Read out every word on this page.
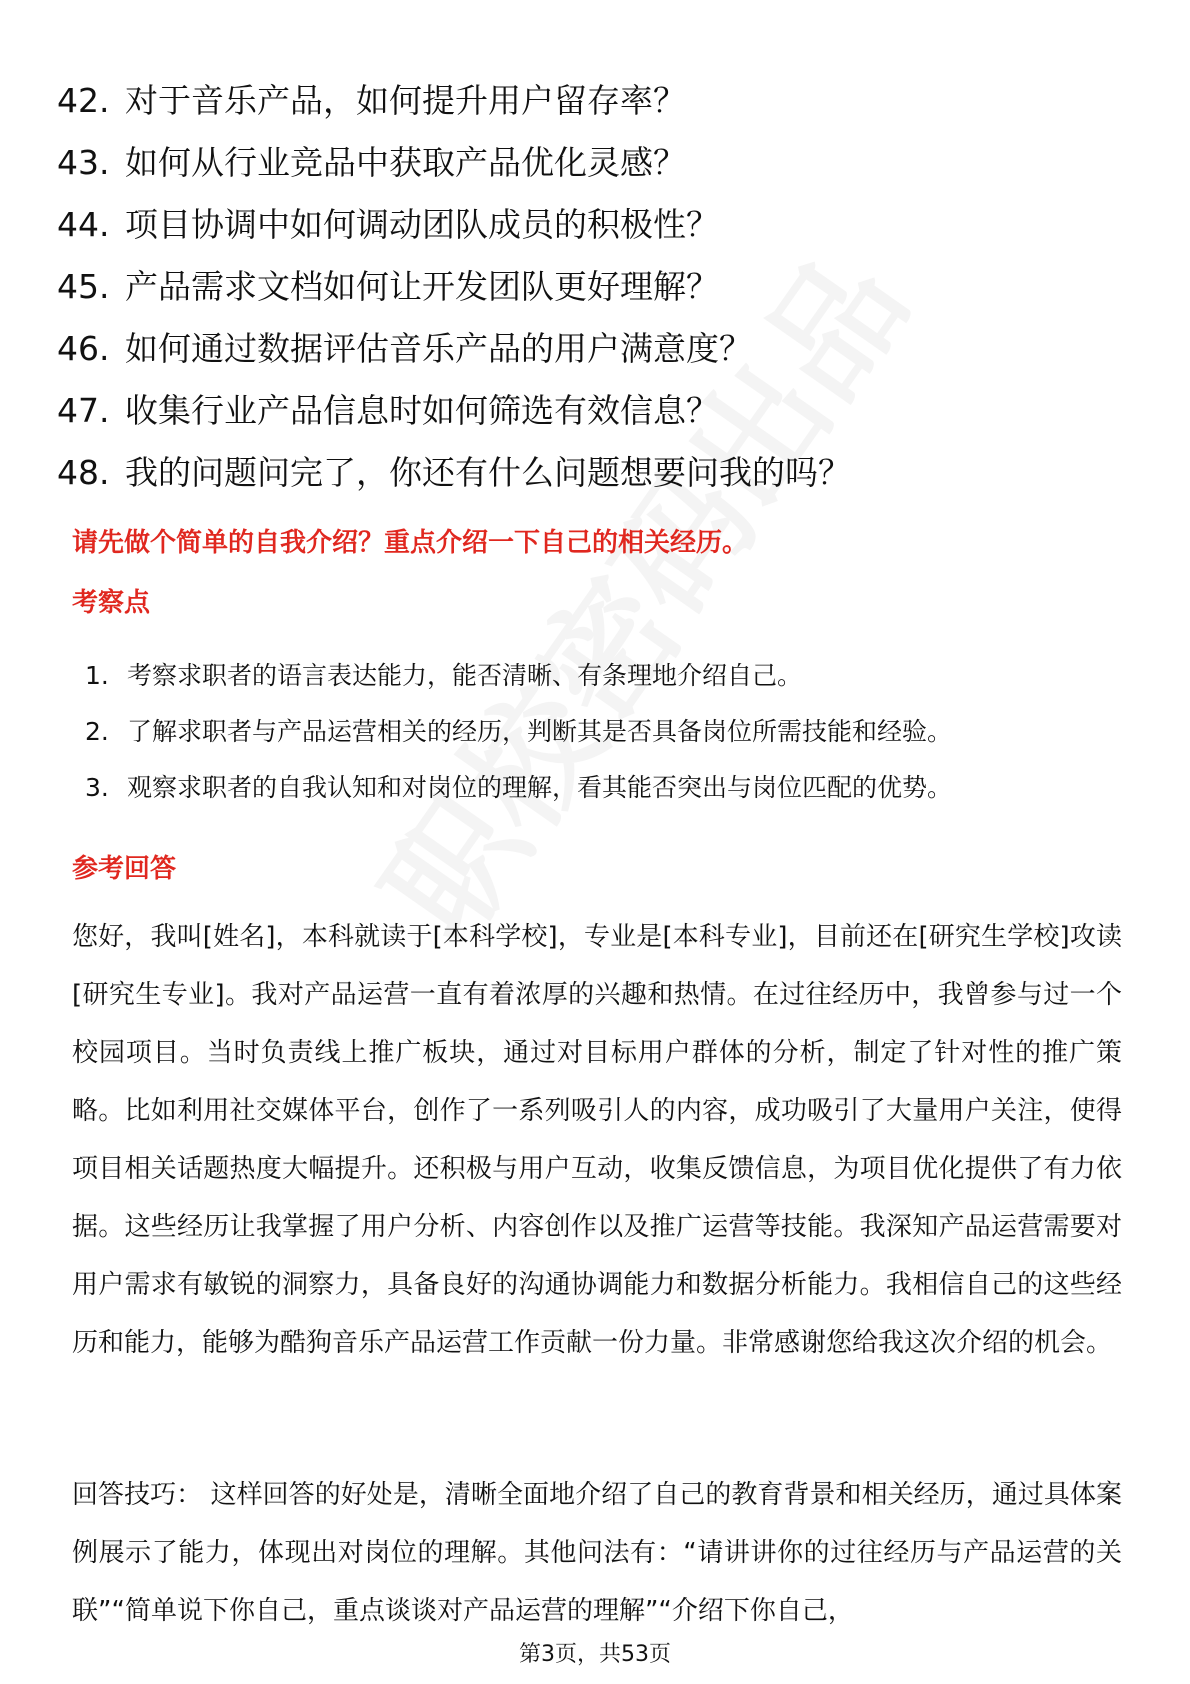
42. 对于音乐产品，如何提升用户留存率？
43. 如何从行业竞品中获取产品优化灵感？
44. 项目协调中如何调动团队成员的积极性？
45. 产品需求文档如何让开发团队更好理解？
46. 如何通过数据评估音乐产品的用户满意度？
47. 收集行业产品信息时如何筛选有效信息？
48. 我的问题问完了，你还有什么问题想要问我的吗？
请先做个简单的自我介绍？重点介绍一下自己的相关经历。
考察点
1. 考察求职者的语言表达能力，能否清晰、有条理地介绍自己。
2. 了解求职者与产品运营相关的经历，判断其是否具备岗位所需技能和经验。
3. 观察求职者的自我认知和对岗位的理解，看其能否突出与岗位匹配的优势。
参考回答

您好，我叫[姓名]，本科就读于[本科学校]，专业是[本科专业]，目前还在[研究生学校]攻读[研究生专业]。我对产品运营一直有着浓厚的兴趣和热情。在过往经历中，我曾参与过一个校园项目。当时负责线上推广板块，通过对目标用户群体的分析，制定了针对性的推广策略。比如利用社交媒体平台，创作了一系列吸引人的内容，成功吸引了大量用户关注，使得项目相关话题热度大幅提升。还积极与用户互动，收集反馈信息，为项目优化提供了有力依据。这些经历让我掌握了用户分析、内容创作以及推广运营等技能。我深知产品运营需要对用户需求有敏锐的洞察力，具备良好的沟通协调能力和数据分析能力。我相信自己的这些经历和能力，能够为酷狗音乐产品运营工作贡献一份力量。非常感谢您给我这次介绍的机会。

回答技巧： 这样回答的好处是，清晰全面地介绍了自己的教育背景和相关经历，通过具体案例展示了能力，体现出对岗位的理解。其他问法有：“请讲讲你的过往经历与产品运营的关联”“简单说下你自己，重点谈谈对产品运营的理解”“介绍下你自己，

第3页，共53页
